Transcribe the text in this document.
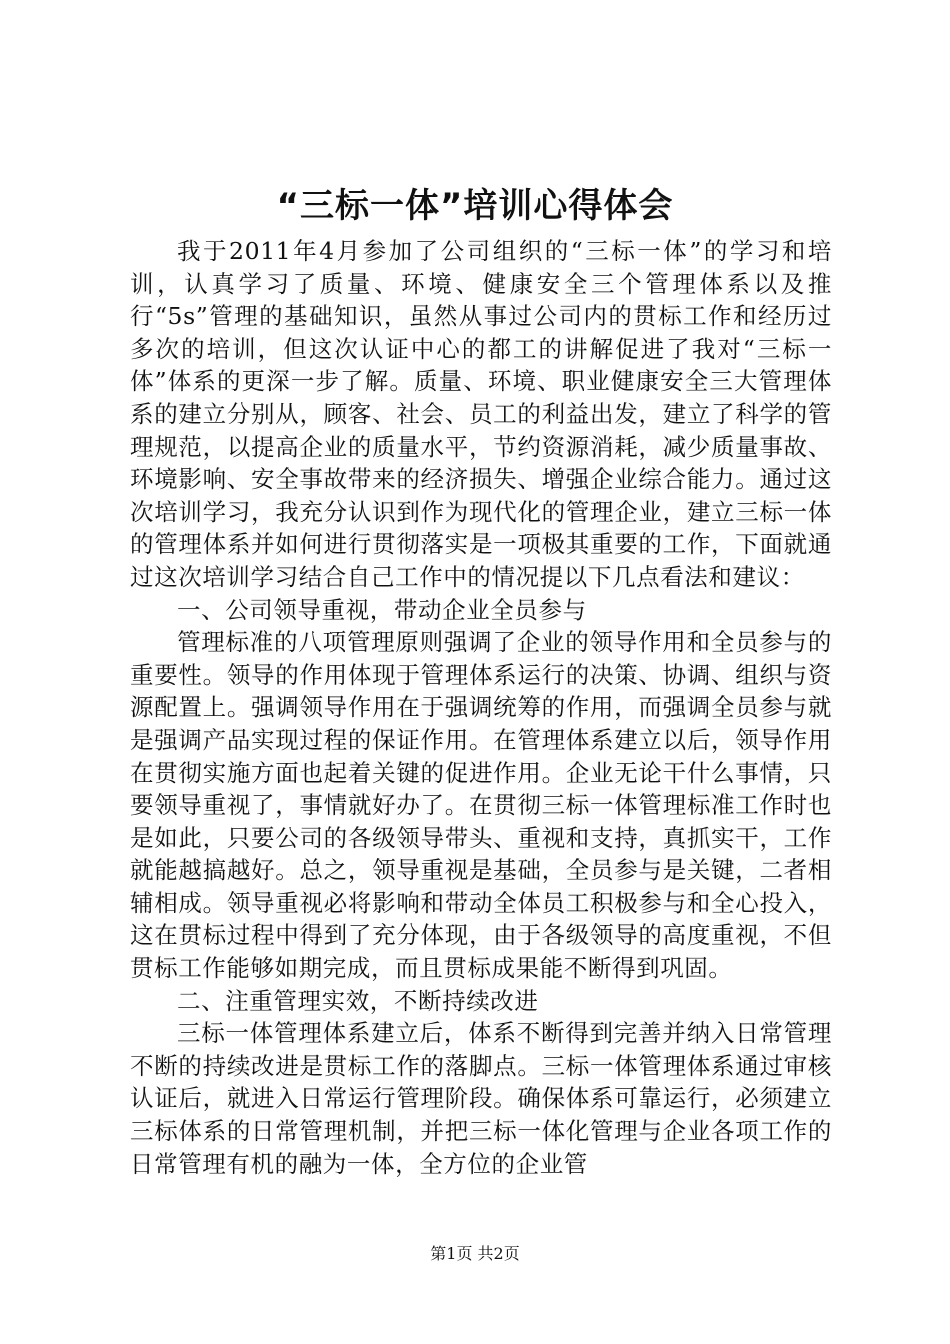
“三标一体”培训心得体会

我于2011年4月参加了公司组织的“三标一体”的学习和培训，认真学习了质量、环境、健康安全三个管理体系以及推行“5s”管理的基础知识，虽然从事过公司内的贯标工作和经历过多次的培训，但这次认证中心的都工的讲解促进了我对“三标一体”体系的更深一步了解。质量、环境、职业健康安全三大管理体系的建立分别从，顾客、社会、员工的利益出发，建立了科学的管理规范，以提高企业的质量水平，节约资源消耗，减少质量事故、环境影响、安全事故带来的经济损失、增强企业综合能力。通过这次培训学习，我充分认识到作为现代化的管理企业，建立三标一体的管理体系并如何进行贯彻落实是一项极其重要的工作，下面就通过这次培训学习结合自己工作中的情况提以下几点看法和建议：

一、公司领导重视，带动企业全员参与

管理标准的八项管理原则强调了企业的领导作用和全员参与的重要性。领导的作用体现于管理体系运行的决策、协调、组织与资源配置上。强调领导作用在于强调统筹的作用，而强调全员参与就是强调产品实现过程的保证作用。在管理体系建立以后，领导作用在贯彻实施方面也起着关键的促进作用。企业无论干什么事情，只要领导重视了，事情就好办了。在贯彻三标一体管理标准工作时也是如此，只要公司的各级领导带头、重视和支持，真抓实干，工作就能越搞越好。总之，领导重视是基础，全员参与是关键，二者相辅相成。领导重视必将影响和带动全体员工积极参与和全心投入，这在贯标过程中得到了充分体现，由于各级领导的高度重视，不但贯标工作能够如期完成，而且贯标成果能不断得到巩固。

二、注重管理实效，不断持续改进

三标一体管理体系建立后，体系不断得到完善并纳入日常管理不断的持续改进是贯标工作的落脚点。三标一体管理体系通过审核认证后，就进入日常运行管理阶段。确保体系可靠运行，必须建立三标体系的日常管理机制，并把三标一体化管理与企业各项工作的日常管理有机的融为一体，全方位的企业管

第1页 共2页
